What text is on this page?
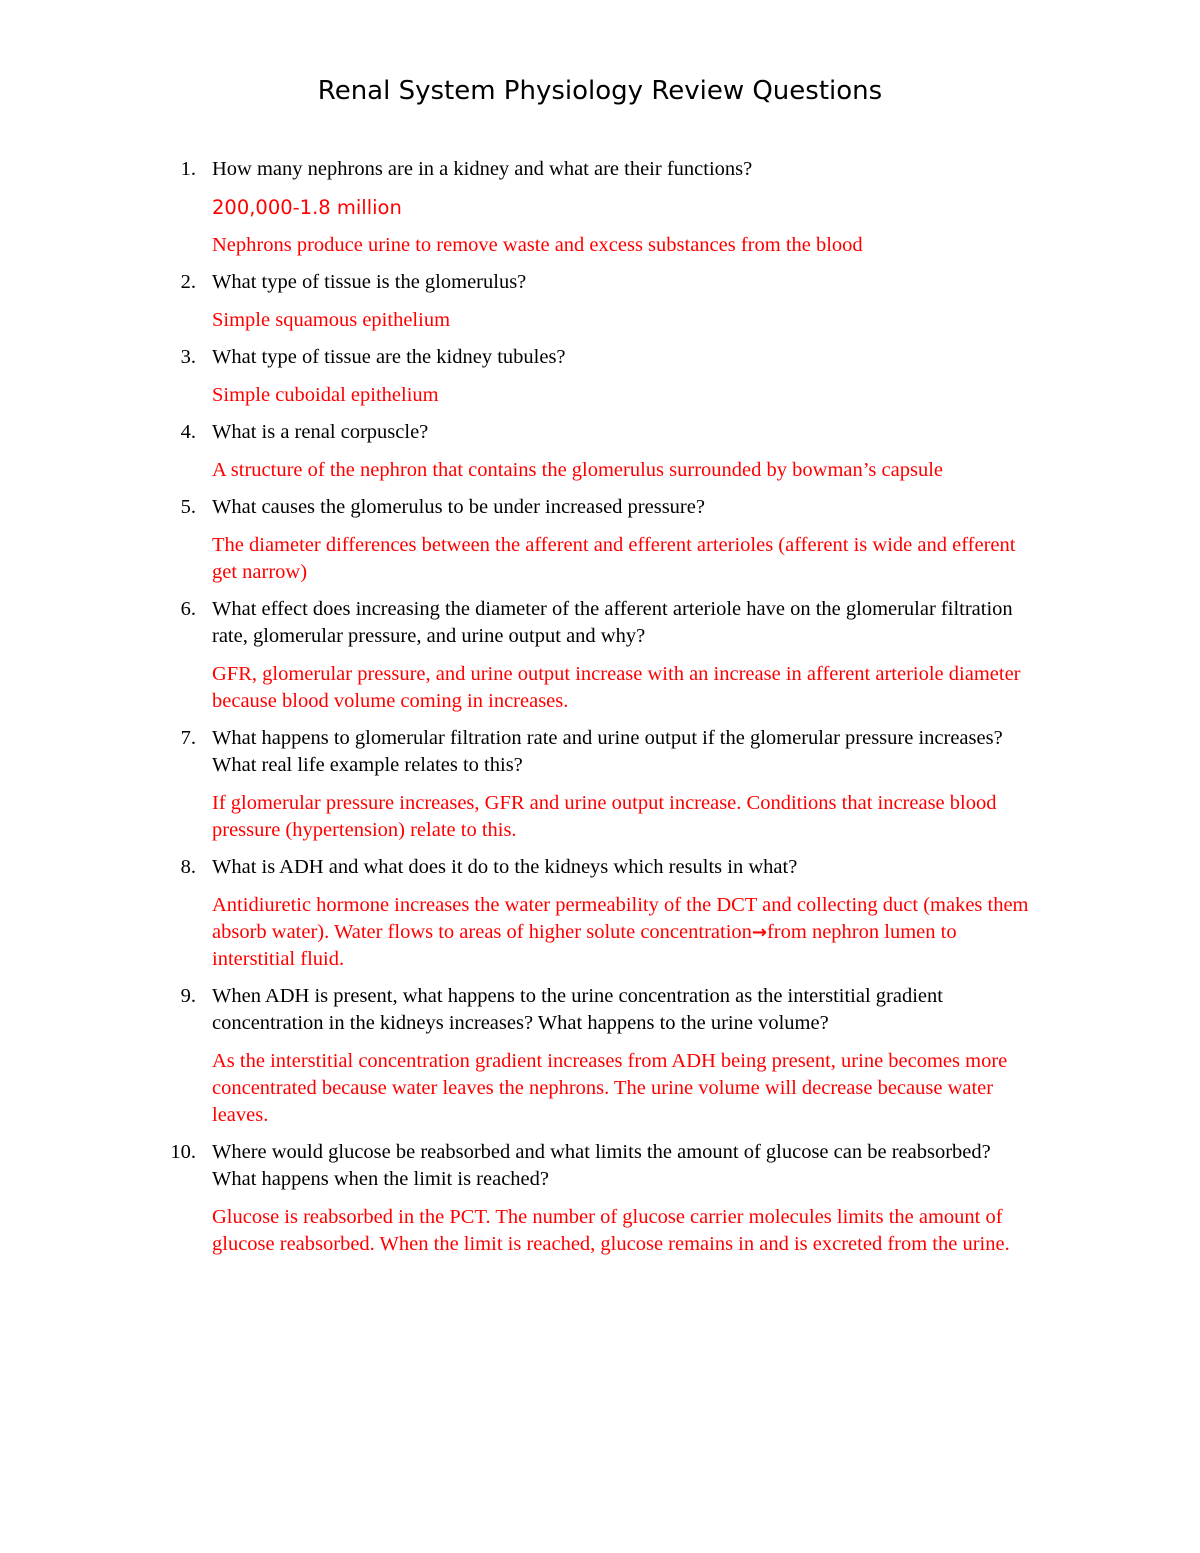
Renal System Physiology Review Questions
1. How many nephrons are in a kidney and what are their functions?
200,000-1.8 million
Nephrons produce urine to remove waste and excess substances from the blood
2. What type of tissue is the glomerulus?
Simple squamous epithelium
3. What type of tissue are the kidney tubules?
Simple cuboidal epithelium
4. What is a renal corpuscle?
A structure of the nephron that contains the glomerulus surrounded by bowman’s capsule
5. What causes the glomerulus to be under increased pressure?
The diameter differences between the afferent and efferent arterioles (afferent is wide and efferent get narrow)
6. What effect does increasing the diameter of the afferent arteriole have on the glomerular filtration rate, glomerular pressure, and urine output and why?
GFR, glomerular pressure, and urine output increase with an increase in afferent arteriole diameter because blood volume coming in increases.
7. What happens to glomerular filtration rate and urine output if the glomerular pressure increases? What real life example relates to this?
If glomerular pressure increases, GFR and urine output increase. Conditions that increase blood pressure (hypertension) relate to this.
8. What is ADH and what does it do to the kidneys which results in what?
Antidiuretic hormone increases the water permeability of the DCT and collecting duct (makes them absorb water). Water flows to areas of higher solute concentration→from nephron lumen to interstitial fluid.
9. When ADH is present, what happens to the urine concentration as the interstitial gradient concentration in the kidneys increases? What happens to the urine volume?
As the interstitial concentration gradient increases from ADH being present, urine becomes more concentrated because water leaves the nephrons. The urine volume will decrease because water leaves.
10. Where would glucose be reabsorbed and what limits the amount of glucose can be reabsorbed? What happens when the limit is reached?
Glucose is reabsorbed in the PCT. The number of glucose carrier molecules limits the amount of glucose reabsorbed. When the limit is reached, glucose remains in and is excreted from the urine.
